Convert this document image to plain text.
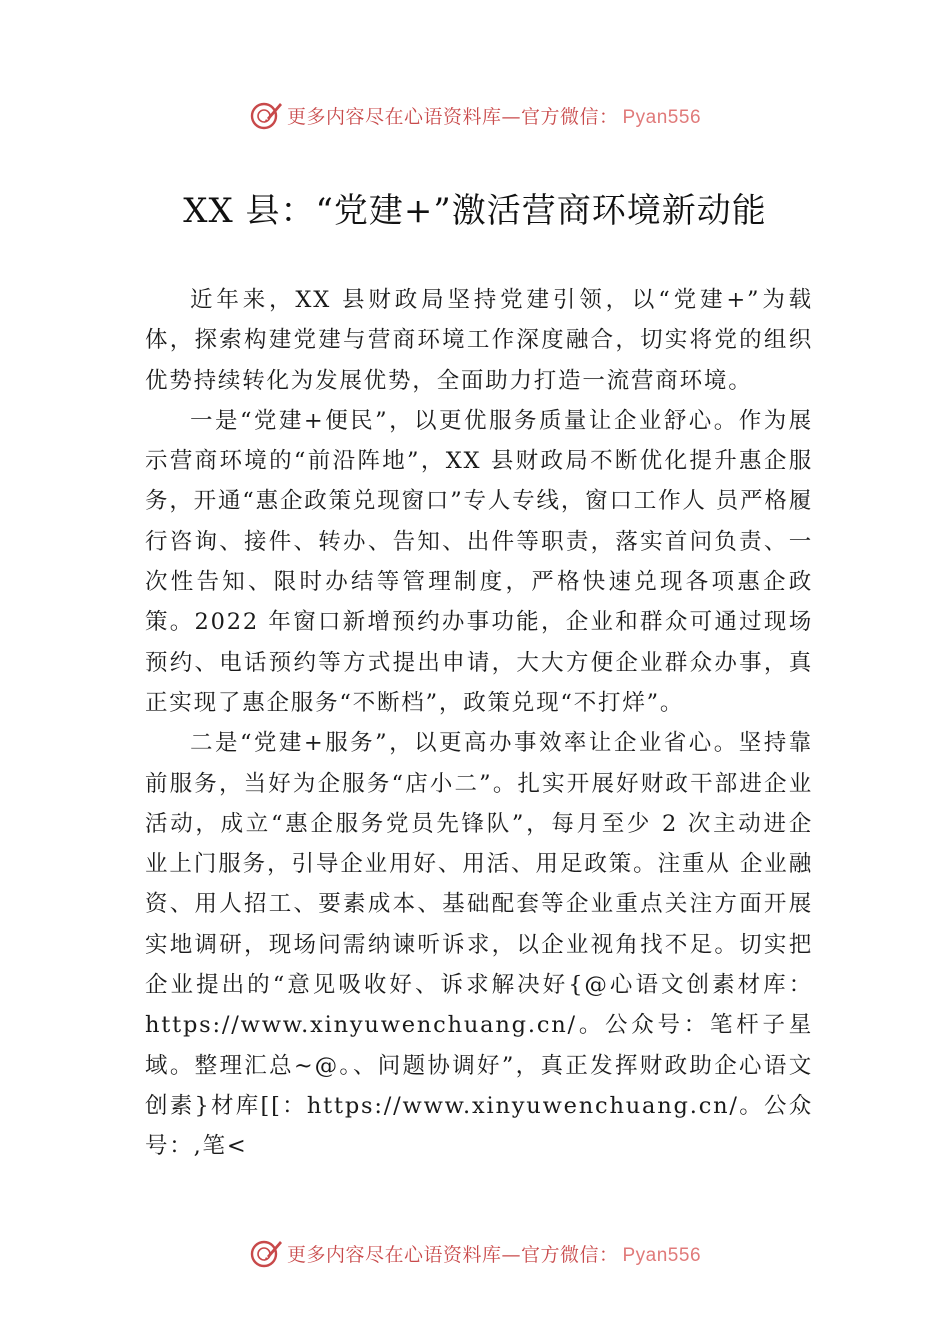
更多内容尽在心语资料库—官方微信： Pyan556
XX 县：“党建+”激活营商环境新动能

近年来，XX 县财政局坚持党建引领，以“党建+”为载体，探索构建党建与营商环境工作深度融合，切实将党的组织优势持续转化为发展优势，全面助力打造一流营商环境。

一是“党建+便民”，以更优服务质量让企业舒心。作为展示营商环境的“前沿阵地”，XX 县财政局不断优化提升惠企服务，开通“惠企政策兑现窗口”专人专线，窗口工作人 员严格履行咨询、接件、转办、告知、出件等职责，落实首问负责、一次性告知、限时办结等管理制度，严格快速兑现各项惠企政策。2022 年窗口新增预约办事功能，企业和群众可通过现场预约、电话预约等方式提出申请，大大方便企业群众办事，真正实现了惠企服务“不断档”，政策兑现“不打烊”。

二是“党建+服务”，以更高办事效率让企业省心。坚持靠前服务，当好为企服务“店小二”。扎实开展好财政干部进企业活动，成立“惠企服务党员先锋队”，每月至少 2 次主动进企业上门服务，引导企业用好、用活、用足政策。注重从 企业融资、用人招工、要素成本、基础配套等企业重点关注方面开展实地调研，现场问需纳谏听诉求，以企业视角找不足。切实把企业提出的“意见吸收好、诉求解决好{@心语文创素材库：https://www.xinyuwenchuang.cn/。公众号：笔杆子星域。整理汇总~@。、问题协调好”，真正发挥财政助企心语文创素}材库[[：https://www.xinyuwenchuang.cn/。公众号：,笔<

更多内容尽在心语资料库—官方微信： Pyan556
